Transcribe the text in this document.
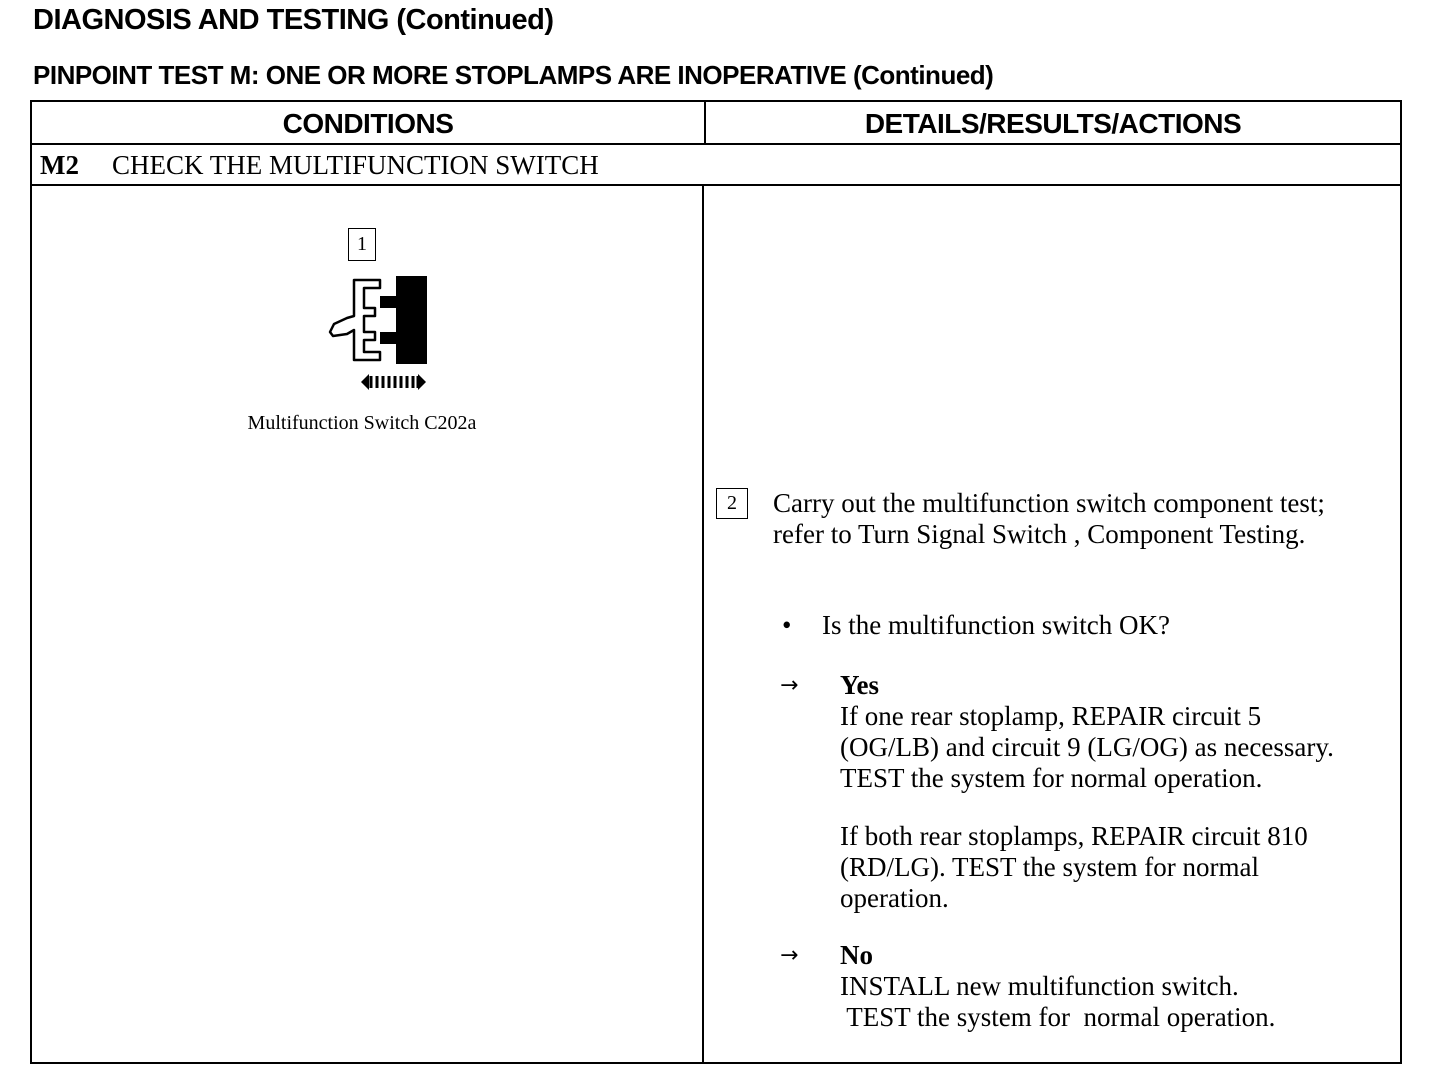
DIAGNOSIS AND TESTING (Continued)
PINPOINT TEST M: ONE OR MORE STOPLAMPS ARE INOPERATIVE (Continued)
CONDITIONS	DETAILS/RESULTS/ACTIONS
M2 CHECK THE MULTIFUNCTION SWITCH
1
Multifunction Switch C202a
2	Carry out the multifunction switch component test;
refer to Turn Signal Switch , Component Testing.
• Is the multifunction switch OK?
→ Yes
If one rear stoplamp, REPAIR circuit 5
(OG/LB) and circuit 9 (LG/OG) as necessary.
TEST the system for normal operation.
If both rear stoplamps, REPAIR circuit 810
(RD/LG). TEST the system for normal
operation.
→ No
INSTALL new multifunction switch.
TEST the system for  normal operation.
